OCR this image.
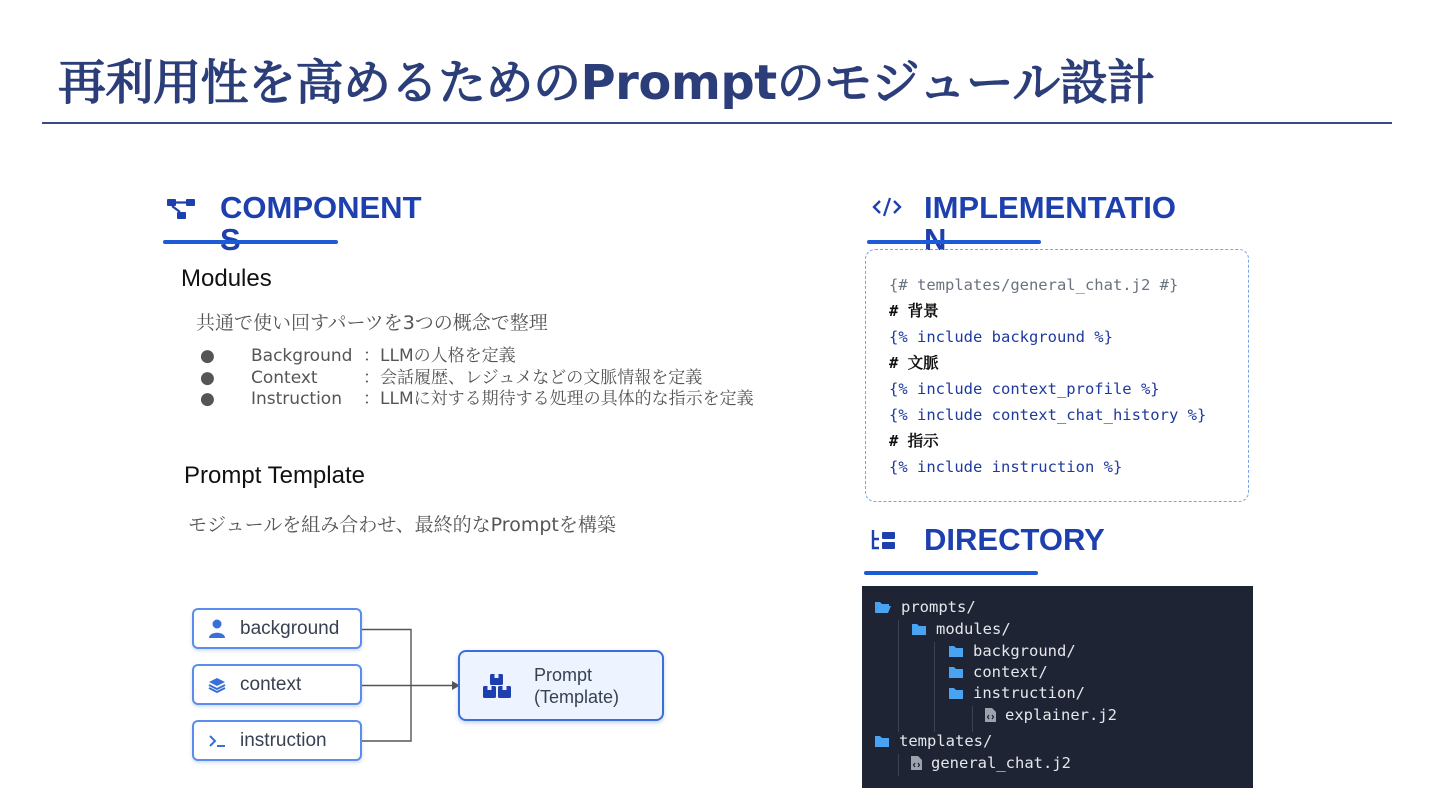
再利用性を高めるためのPromptのモジュール設計
COMPONENT
Modules
共通で使い回すパーツを3つの概念で整理
●	Background ：LLMの人格を定義
●	Context	：会話履歴、レジュメなどの文脈情報を定義
●	Instruction	：LLMに対する期待する処理の具体的な指示を定義
Prompt Template
モジュールを組み合わせ、最終的なPromptを構築
background
context
instruction
Prompt
(Template)
IMPLEMENTATIO
{# templates/general_chat.j2 #}
# 背景
{% include background %}
# 文脈
{% include context_profile %}
{% include context_chat_history %}
# 指示
{% include instruction %}
DIRECTORY
prompts/
modules/
background/
context/
instruction/
explainer.j2
templates/
general_chat.j2
